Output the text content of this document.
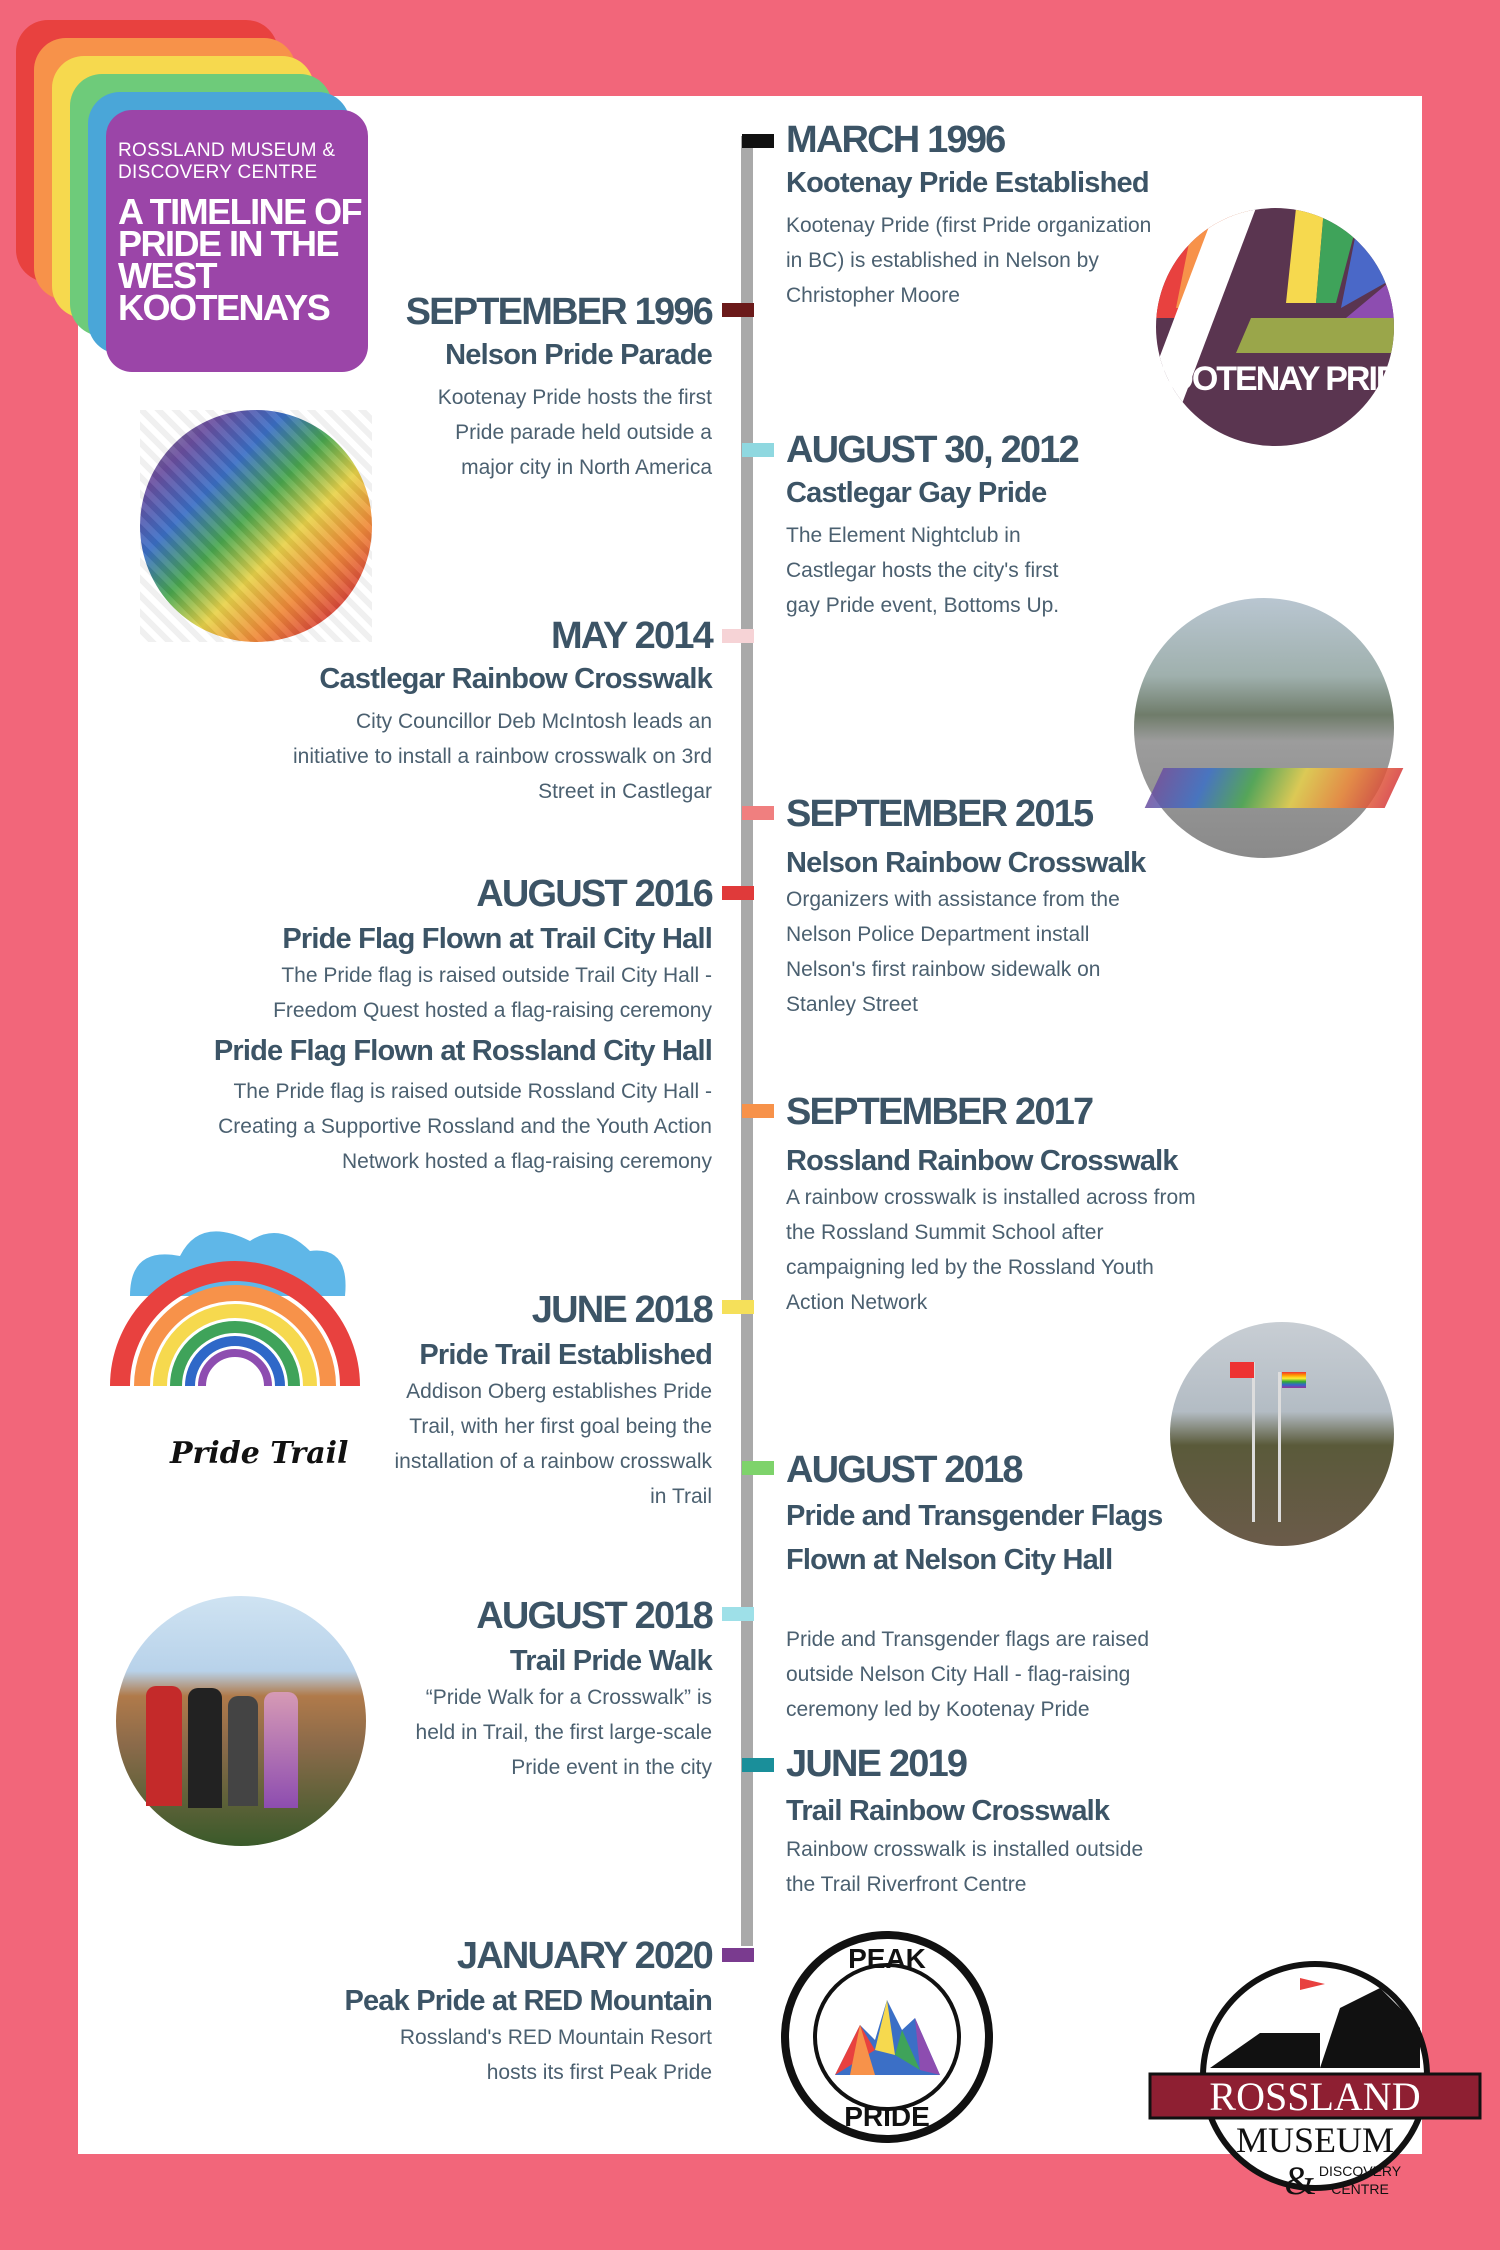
ROSSLAND MUSEUM & DISCOVERY CENTRE
A TIMELINE OF PRIDE IN THE WEST KOOTENAYS
MARCH 1996
Kootenay Pride Established
Kootenay Pride (first Pride organization in BC) is established in Nelson by Christopher Moore
AUGUST 30, 2012
Castlegar Gay Pride
The Element Nightclub in Castlegar hosts the city's first gay Pride event, Bottoms Up.
SEPTEMBER 2015
Nelson Rainbow Crosswalk
Organizers with assistance from the Nelson Police Department install Nelson's first rainbow sidewalk on Stanley Street
SEPTEMBER 2017
Rossland Rainbow Crosswalk
A rainbow crosswalk is installed across from the Rossland Summit School after campaigning led by the Rossland Youth Action Network
AUGUST 2018
Pride and Transgender Flags Flown at Nelson City Hall
Pride and Transgender flags are raised outside Nelson City Hall - flag-raising ceremony led by Kootenay Pride
JUNE 2019
Trail Rainbow Crosswalk
Rainbow crosswalk is installed outside the Trail Riverfront Centre
SEPTEMBER 1996
Nelson Pride Parade
Kootenay Pride hosts the first Pride parade held outside a major city in North America
MAY 2014
Castlegar Rainbow Crosswalk
City Councillor Deb McIntosh leads an initiative to install a rainbow crosswalk on 3rd Street in Castlegar
AUGUST 2016
Pride Flag Flown at Trail City Hall
The Pride flag is raised outside Trail City Hall - Freedom Quest hosted a flag-raising ceremony
Pride Flag Flown at Rossland City Hall
The Pride flag is raised outside Rossland City Hall - Creating a Supportive Rossland and the Youth Action Network hosted a flag-raising ceremony
JUNE 2018
Pride Trail Established
Addison Oberg establishes Pride Trail, with her first goal being the installation of a rainbow crosswalk in Trail
AUGUST 2018
Trail Pride Walk
“Pride Walk for a Crosswalk” is held in Trail, the first large-scale Pride event in the city
JANUARY 2020
Peak Pride at RED Mountain
Rossland's RED Mountain Resort hosts its first Peak Pride
KOOTENAY PRIDE
Pride Trail
PEAK
PRIDE	ROSSLAND
MUSEUM
DISCOVERY
CENTRE
&
